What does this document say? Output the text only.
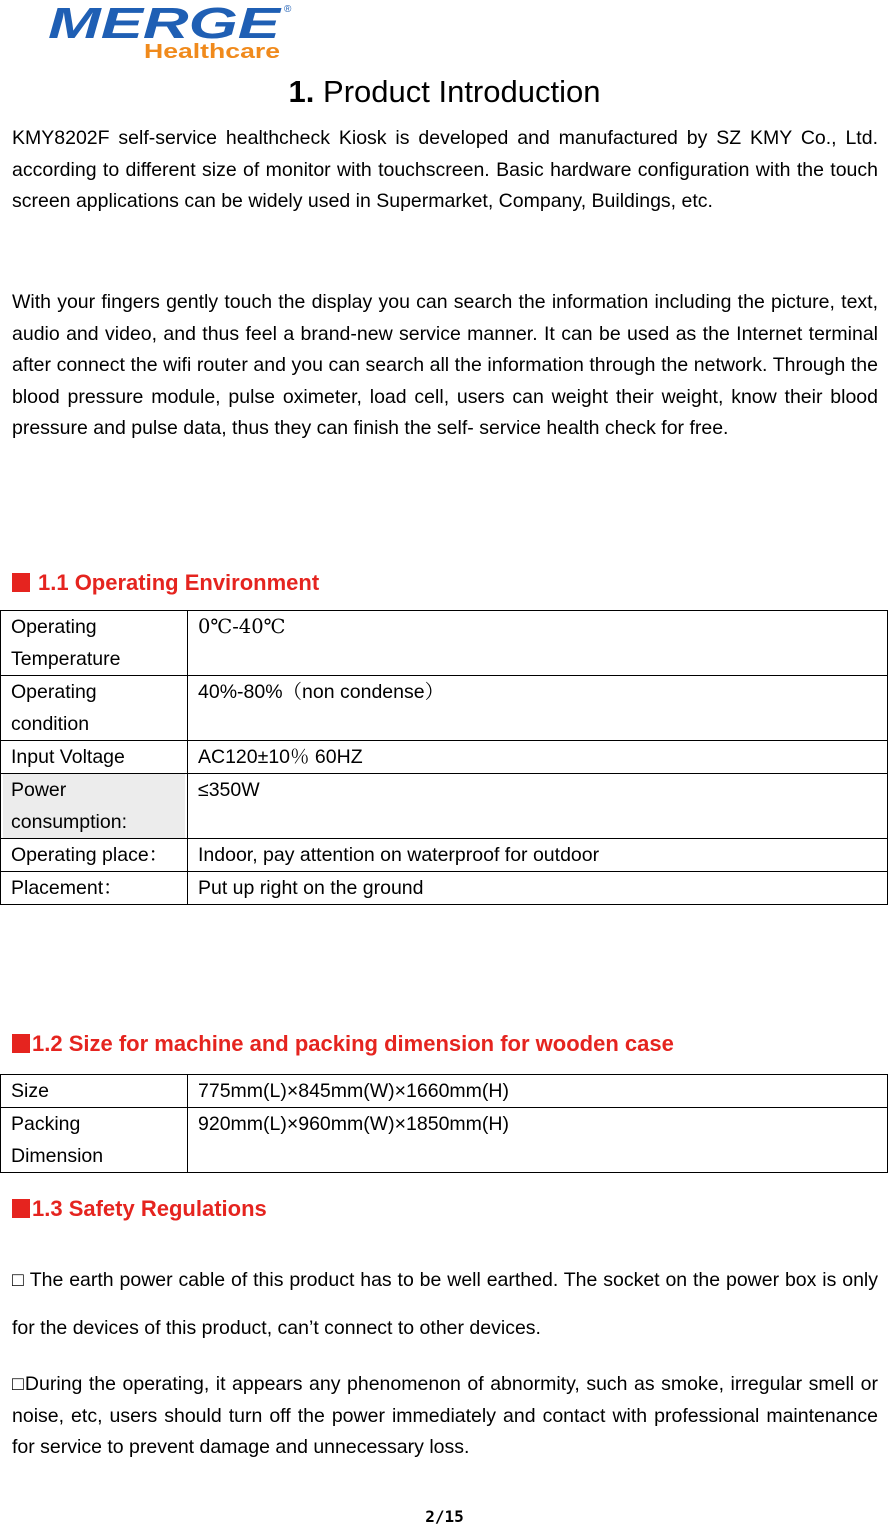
MERGE ®
Healthcare
1. Product Introduction

KMY8202F self-service healthcheck Kiosk is developed and manufactured by SZ KMY Co., Ltd. according to different size of monitor with touchscreen. Basic hardware configuration with the touch screen applications can be widely used in Supermarket, Company, Buildings, etc.

With your fingers gently touch the display you can search the information including the picture, text, audio and video, and thus feel a brand-new service manner. It can be used as the Internet terminal after connect the wifi router and you can search all the information through the network. Through the blood pressure module, pulse oximeter, load cell, users can weight their weight, know their blood pressure and pulse data, thus they can finish the self- service health check for free.

1.1 Operating Environment
Operating Temperature	0℃-40℃
Operating condition	40%-80%（non condense）
Input Voltage	AC120±10％ 60HZ

Power consumption:	≤350W
Operating place：	Indoor, pay attention on waterproof for outdoor
Placement：	Put up right on the ground
1.2 Size for machine and packing dimension for wooden case
Size	775mm(L)×845mm(W)×1660mm(H)
Packing Dimension	920mm(L)×960mm(W)×1850mm(H)
1.3 Safety Regulations

□ The earth power cable of this product has to be well earthed. The socket on the power box is only for the devices of this product, can’t connect to other devices.

□During the operating, it appears any phenomenon of abnormity, such as smoke, irregular smell or noise, etc, users should turn off the power immediately and contact with professional maintenance for service to prevent damage and unnecessary loss.

2/15
